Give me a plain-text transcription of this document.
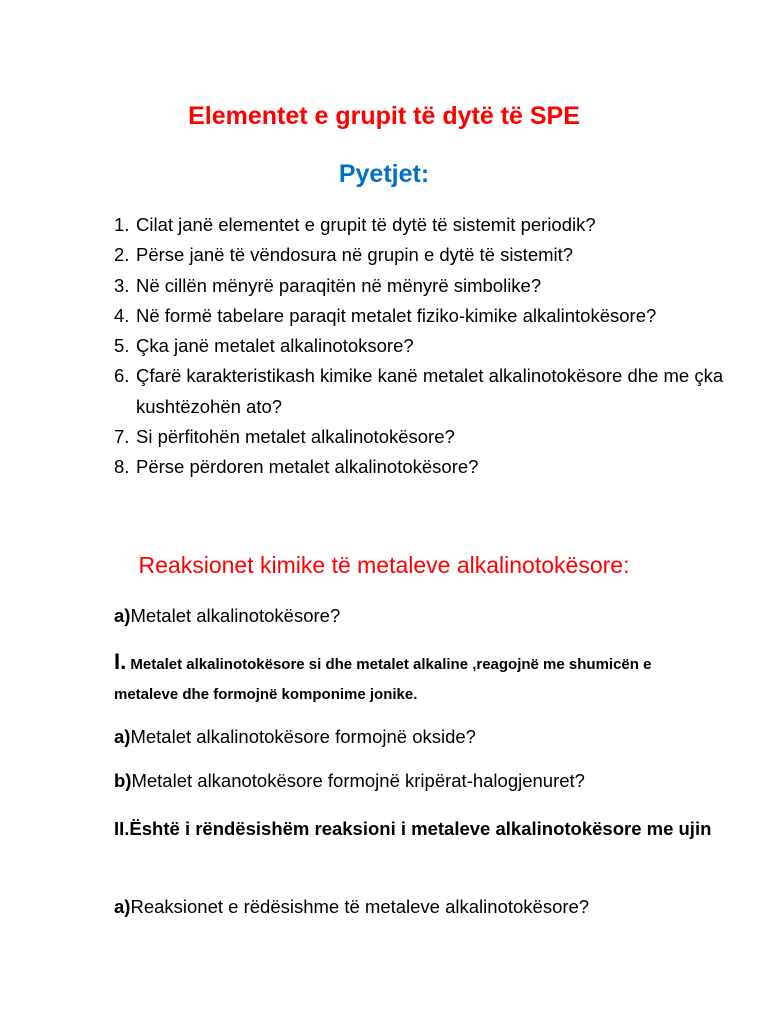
Elementet e grupit të dytë të SPE
Pyetjet:
1. Cilat janë elementet e grupit të dytë të sistemit periodik?
2. Përse janë të vëndosura në grupin e dytë të sistemit?
3. Në cillën mënyrë paraqitën në mënyrë simbolike?
4. Në formë tabelare paraqit metalet fiziko-kimike alkalintokësore?
5. Çka janë metalet alkalinotoksore?
6. Çfarë karakteristikash kimike kanë metalet alkalinotokësore dhe me çka kushtëzohën ato?
7. Si përfitohën metalet alkalinotokësore?
8. Përse përdoren metalet alkalinotokësore?
Reaksionet kimike të metaleve alkalinotokësore:
a)Metalet alkalinotokësore?
I. Metalet alkalinotokësore si dhe metalet alkaline ,reagojnë me shumicën e metaleve dhe formojnë komponime jonike.
a)Metalet alkalinotokësore formojnë okside?
b)Metalet alkanotokësore formojnë kripërat-halogjenuret?
II.Është i rëndësishëm reaksioni i metaleve alkalinotokësore me ujin
a)Reaksionet e rëdësishme të metaleve alkalinotokësore?
